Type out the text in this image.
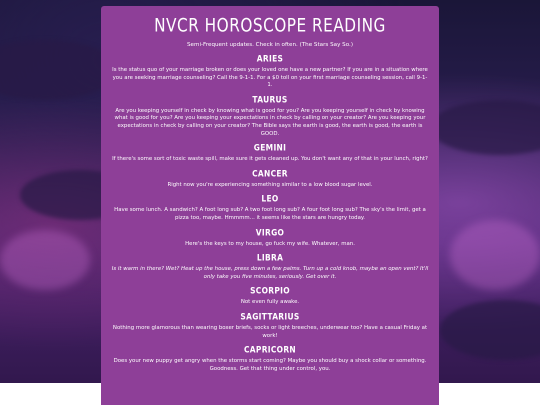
NVCR HOROSCOPE READING
Semi-Frequent updates. Check in often. (The Stars Say So.)
ARIES
Is the status quo of your marriage broken or does your loved one have a new partner? If you are in a situation where you are seeking marriage counseling? Call the 9-1-1. For a $0 toll on your first marriage counseling session, call 9-1-1.
TAURUS
Are you keeping yourself in check by knowing what is good for you? Are you keeping yourself in check by knowing what is good for you? Are you keeping your expectations in check by calling on your creator? Are you keeping your expectations in check by calling on your creator? The Bible says the earth is good, the earth is good, the earth is GOOD.
GEMINI
If there's some sort of toxic waste spill, make sure it gets cleaned up. You don't want any of that in your lunch, right?
CANCER
Right now you're experiencing something similar to a low blood sugar level.
LEO
Have some lunch. A sandwich? A foot long sub? A two foot long sub? A four foot long sub? The sky's the limit, get a pizza too, maybe. Hmmmm... it seems like the stars are hungry today.
VIRGO
Here's the keys to my house, go fuck my wife. Whatever, man.
LIBRA
Is it warm in there? Wet? Heat up the house, press down a few palms. Turn up a cold knob, maybe an open vent? It'll only take you five minutes, seriously. Get over it.
SCORPIO
Not even fully awake.
SAGITTARIUS
Nothing more glamorous than wearing boxer briefs, socks or light breeches, underwear too? Have a casual Friday at work!
CAPRICORN
Does your new puppy get angry when the storms start coming? Maybe you should buy a shock collar or something. Goodness. Get that thing under control, you.
